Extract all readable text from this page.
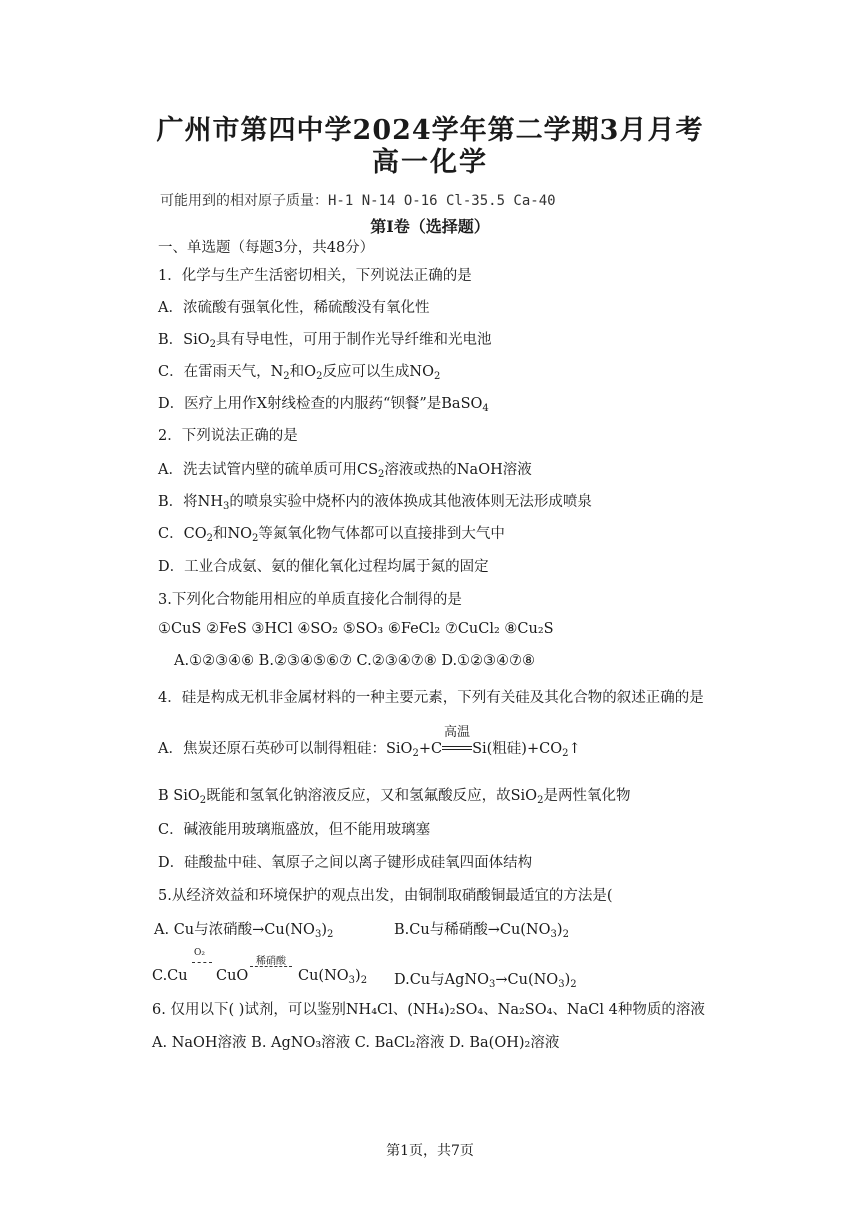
广州市第四中学2024学年第二学期3月月考
高一化学
可能用到的相对原子质量：H-1 N-14 O-16 Cl-35.5 Ca-40
第Ⅰ卷（选择题）
一、单选题（每题3分，共48分）
1．化学与生产生活密切相关，下列说法正确的是
A．浓硫酸有强氧化性，稀硫酸没有氧化性
B．SiO$_2$具有导电性，可用于制作光导纤维和光电池
C．在雷雨天气，$N_2$和$O_2$反应可以生成$NO_2$
D．医疗上用作X射线检查的内服药“钡餐”是BaSO$_4$
2．下列说法正确的是
A．洗去试管内壁的硫单质可用$CS_2$溶液或热的NaOH溶液
B．将$NH_3$的喷泉实验中烧杯内的液体换成其他液体则无法形成喷泉
C．$CO_2$和$NO_2$等氮氧化物气体都可以直接排到大气中
D．工业合成氨、氨的催化氧化过程均属于氮的固定
3.下列化合物能用相应的单质直接化合制得的是
①CuS ②FeS ③HCl ④SO₂ ⑤SO₃ ⑥FeCl₂ ⑦CuCl₂ ⑧Cu₂S
A.①②③④⑥ B.②③④⑤⑥⑦ C.②③④⑦⑧ D.①②③④⑦⑧
4．硅是构成无机非金属材料的一种主要元素，下列有关硅及其化合物的叙述正确的是
A．焦炭还原石英砂可以制得粗硅：SiO$_2$+C
高温
Si(粗硅)$+CO_2↑$
B SiO$_2$既能和氢氧化钠溶液反应，又和氢氟酸反应，故SiO$_2$是两性氧化物
C．碱液能用玻璃瓶盛放，但不能用玻璃塞
D．硅酸盐中硅、氧原子之间以离子键形成硅氧四面体结构
5.从经济效益和环境保护的观点出发，由铜制取硝酸铜最适宜的方法是(
A. Cu与浓硝酸$\to Cu(NO_3)_2$	B.Cu与稀硝酸$\to Cu(NO_3)_2$
C.Cu
O₂
CuO
稀硝酸
$Cu(NO_3)_2$ D.Cu与$AgNO_3\to Cu(NO_3)_2$
6. 仅用以下( )试剂，可以鉴别NH₄Cl、(NH₄)₂SO₄、Na₂SO₄、NaCl 4种物质的溶液
A. NaOH溶液 B. AgNO₃溶液 C. BaCl₂溶液 D. Ba(OH)₂溶液
第1页，共7页
